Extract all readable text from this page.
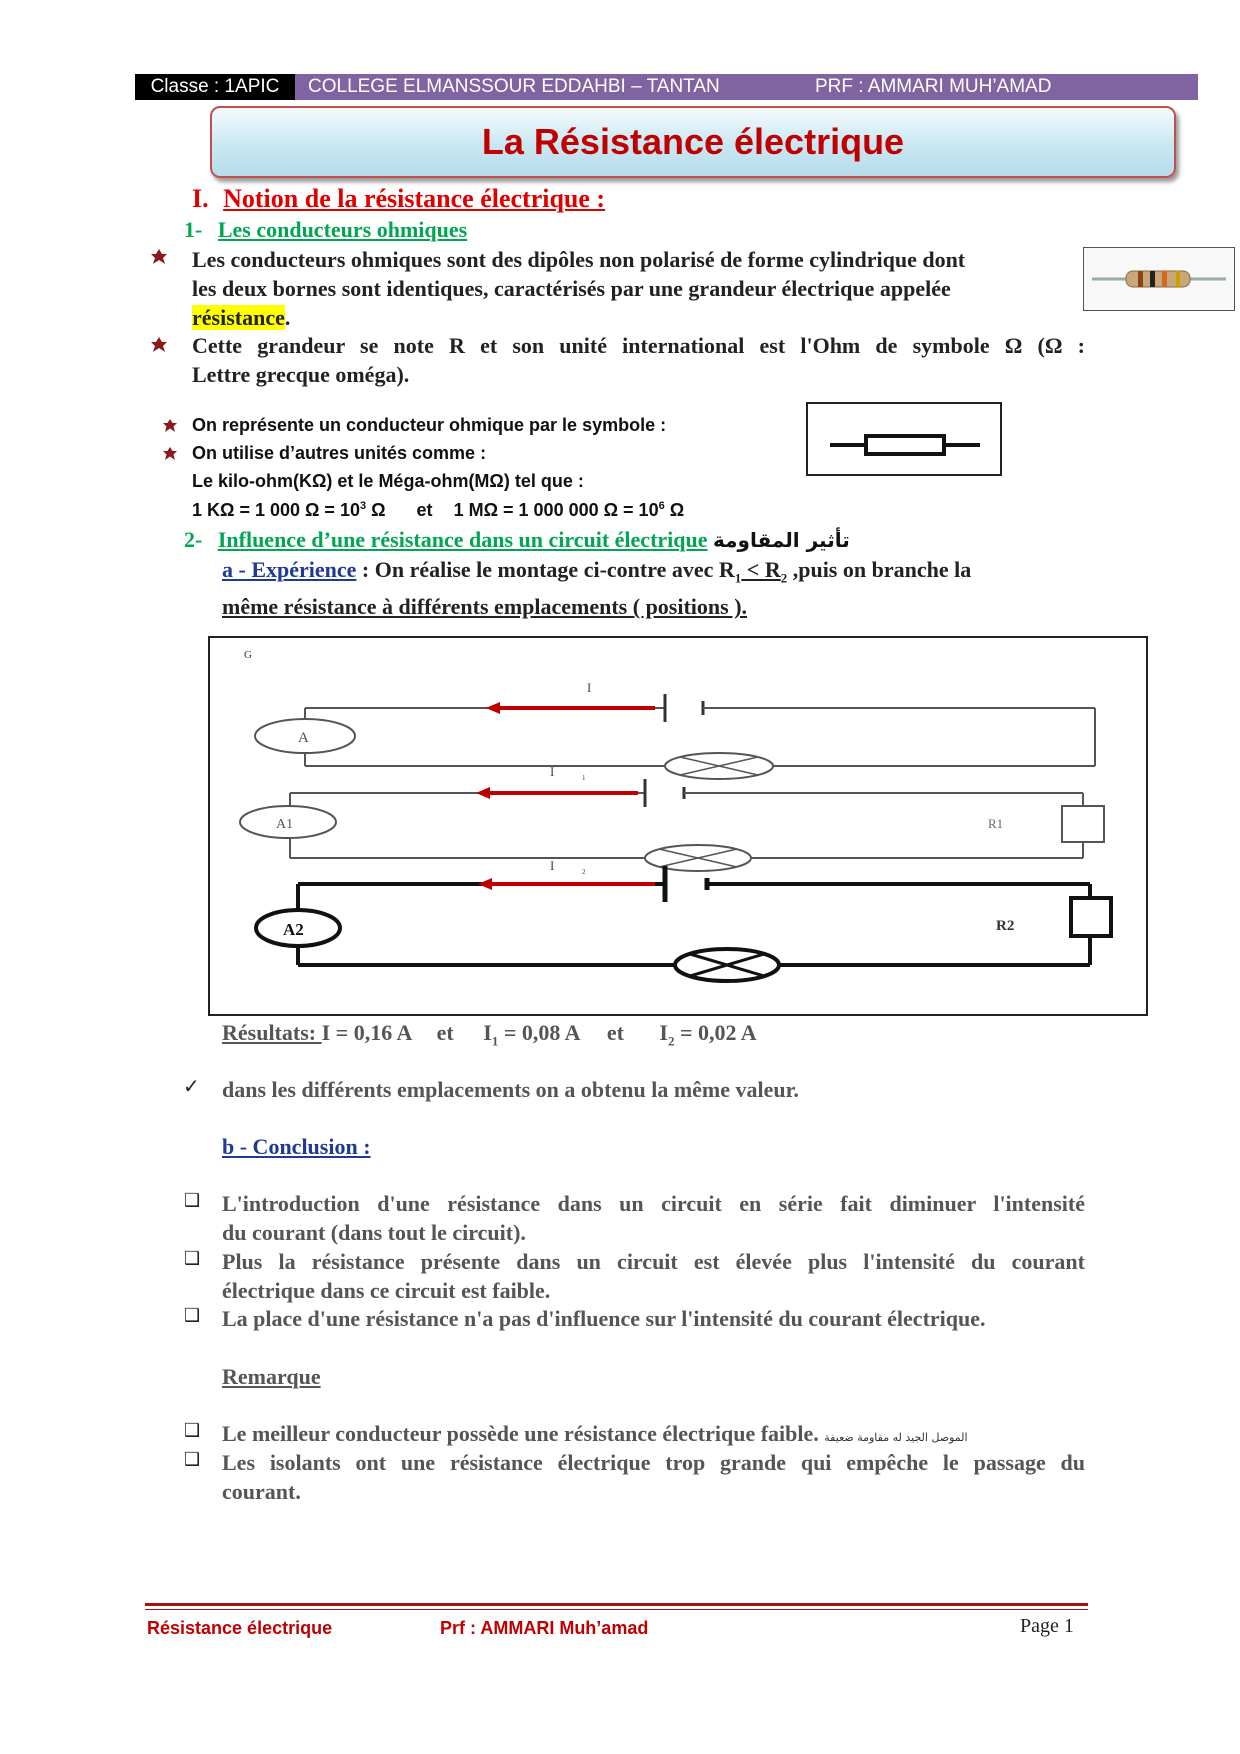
Classe : 1APIC	COLLEGE ELMANSSOUR EDDAHBI – TANTAN	PRF : AMMARI MUH’AMAD
La Résistance électrique
I. Notion de la résistance électrique :
1- Les conducteurs ohmiques
Les conducteurs ohmiques sont des dipôles non polarisé de forme cylindrique dont
les deux bornes sont identiques, caractérisés par une grandeur électrique appelée
résistance.
Cette grandeur se note R et son unité international est l'Ohm de symbole Ω (Ω :
Lettre grecque oméga).
On représente un conducteur ohmique par le symbole :
On utilise d’autres unités comme :
Le kilo-ohm(KΩ) et le Méga-ohm(MΩ) tel que :
1 KΩ = 1 000 $\Omega = 10^3$ Ω et 1 MΩ = 1 000 000 $\Omega = 10^6$ Ω
2- Influence d’une résistance dans un circuit électrique تأثير المقاومة
a - Expérience : On réalise le montage ci-contre avec $R_1 < R_2$ ,puis on branche la
même résistance à différents emplacements ( positions ).
G
A
I
A1
I	1
R1
A2
I	2
R2
Résultats: I = 0,16 A et $I_1 = 0,08$ A et $I_2 = 0,02$ A
✓ dans les différents emplacements on a obtenu la même valeur.
b - Conclusion :
❑ L'introduction d'une résistance dans un circuit en série fait diminuer l'intensité
du courant (dans tout le circuit).
❑ Plus la résistance présente dans un circuit est élevée plus l'intensité du courant
électrique dans ce circuit est faible.
❑ La place d'une résistance n'a pas d'influence sur l'intensité du courant électrique.
Remarque
❑ Le meilleur conducteur possède une résistance électrique faible. الموصل الجيد له مقاومة ضعيفة
❑ Les isolants ont une résistance électrique trop grande qui empêche le passage du
courant.
Résistance électrique	Prf : AMMARI Muh’amad	Page 1
